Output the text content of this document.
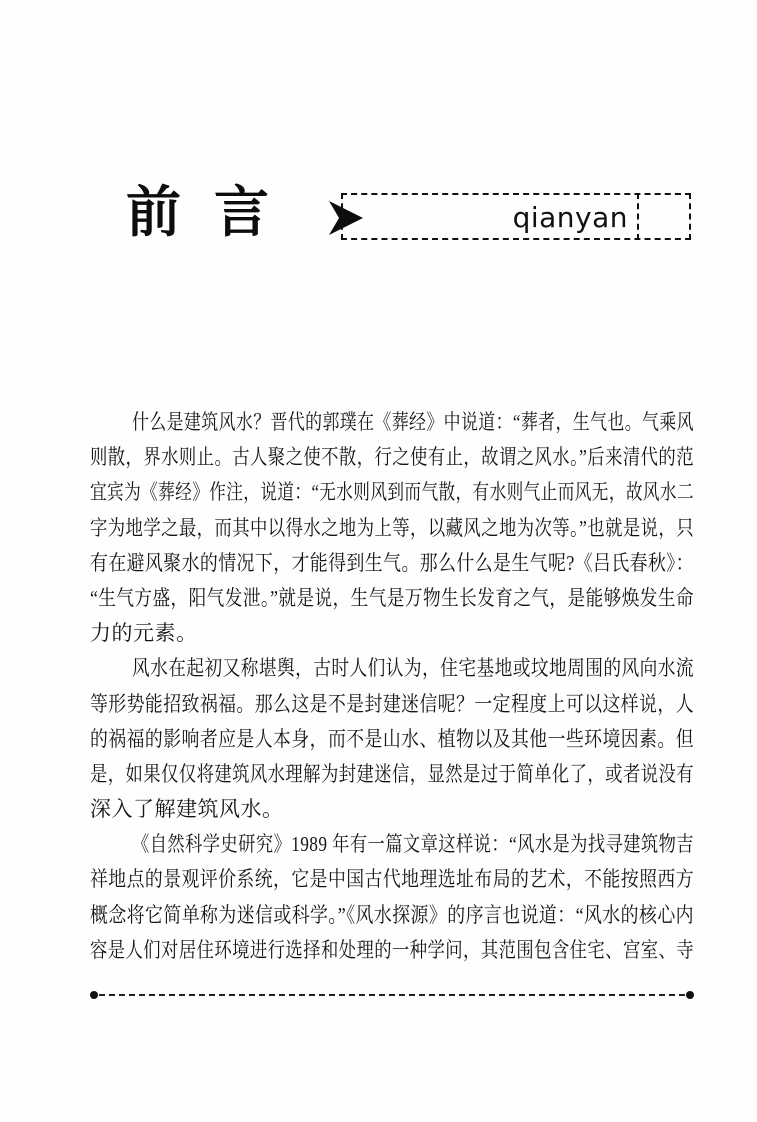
前 言	qianyan
什么是建筑风水？晋代的郭璞在《葬经》中说道：“葬者，生气也。气乘风
则散，界水则止。古人聚之使不散，行之使有止，故谓之风水。”后来清代的范
宜宾为《葬经》作注，说道：“无水则风到而气散，有水则气止而风无，故风水二
字为地学之最，而其中以得水之地为上等，以藏风之地为次等。”也就是说，只
有在避风聚水的情况下，才能得到生气。那么什么是生气呢?《吕氏春秋》：
“生气方盛，阳气发泄。”就是说，生气是万物生长发育之气，是能够焕发生命
力的元素。
风水在起初又称堪舆，古时人们认为，住宅基地或坟地周围的风向水流
等形势能招致祸福。那么这是不是封建迷信呢？一定程度上可以这样说，人
的祸福的影响者应是人本身，而不是山水、植物以及其他一些环境因素。但
是，如果仅仅将建筑风水理解为封建迷信，显然是过于简单化了，或者说没有
深入了解建筑风水。
《自然科学史研究》1989 年有一篇文章这样说：“风水是为找寻建筑物吉
祥地点的景观评价系统，它是中国古代地理选址布局的艺术，不能按照西方
概念将它简单称为迷信或科学。”《风水探源》的序言也说道：“风水的核心内
容是人们对居住环境进行选择和处理的一种学问，其范围包含住宅、宫室、寺
